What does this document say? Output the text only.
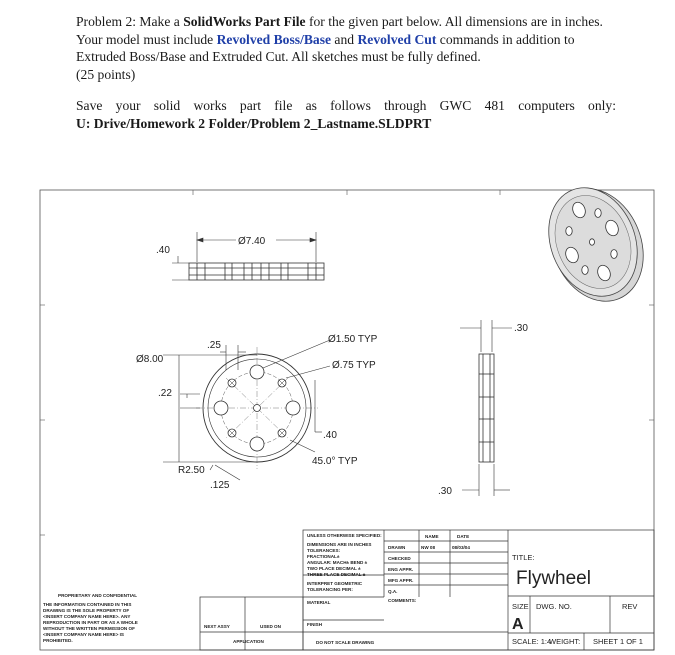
Problem 2: Make a SolidWorks Part File for the given part below. All dimensions are in inches. Your model must include Revolved Boss/Base and Revolved Cut commands in addition to Extruded Boss/Base and Extruded Cut. All sketches must be fully defined.

(25 points)

Save your solid works part file as follows through GWC 481 computers only:
U: Drive/Homework 2 Folder/Problem 2_Lastname.SLDPRT
Ø7.40
.40
.25
Ø8.00
.22
R2.50
.125
Ø1.50 TYP
Ø.75 TYP
.40
45.0° TYP
.30
.30
UNLESS OTHERWISE SPECIFIED:
DIMENSIONS ARE IN INCHES
TOLERANCES:
FRACTIONAL±
ANGULAR: MACH± BEND ±
TWO PLACE DECIMAL ±
THREE PLACE DECIMAL ±
INTERPRET GEOMETRIC
TOLERANCING PER:
MATERIAL
FINISH
DO NOT SCALE DRAWING
NAME	DATE
DRAWN	NW 08	08/03/04
CHECKED
ENG APPR.
MFG APPR.
Q.A.
COMMENTS:
TITLE:
Flywheel
SIZE DWG. NO.	REV
A
SCALE: 1:4
WEIGHT: SHEET 1 OF 1
NEXT ASSY	USED ON
APPLICATION
PROPRIETARY AND CONFIDENTIAL
THE INFORMATION CONTAINED IN THIS
DRAWING IS THE SOLE PROPERTY OF
<INSERT COMPANY NAME HERE>. ANY
REPRODUCTION IN PART OR AS A WHOLE
WITHOUT THE WRITTEN PERMISSION OF
<INSERT COMPANY NAME HERE> IS
PROHIBITED.
